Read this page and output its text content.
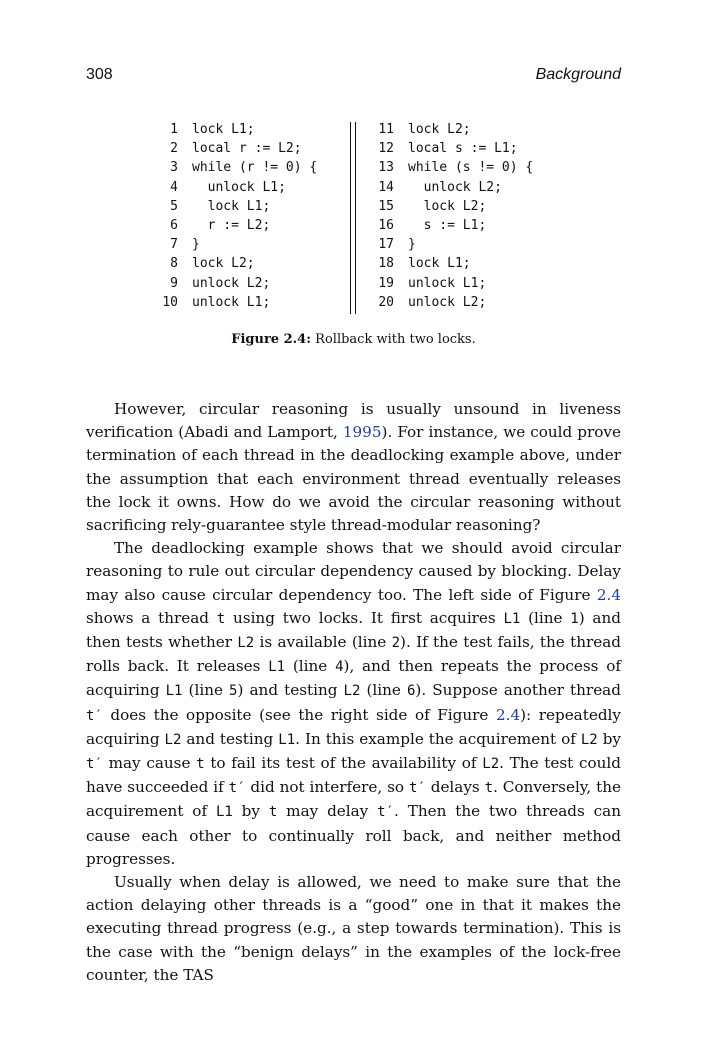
308	Background
1 lock L1;
2 local r := L2;
3 while (r != 0) {
4  unlock L1;
5  lock L1;
6  r := L2;
7 }
8 lock L2;
9 unlock L2;
10 unlock L1;
11 lock L2;
12 local s := L1;
13 while (s != 0) {
14  unlock L2;
15  lock L2;
16  s := L1;
17 }
18 lock L1;
19 unlock L1;
20 unlock L2;
Figure 2.4: Rollback with two locks.

However, circular reasoning is usually unsound in liveness verification (Abadi and Lamport, 1995). For instance, we could prove termination of each thread in the deadlocking example above, under the assumption that each environment thread eventually releases the lock it owns. How do we avoid the circular reasoning without sacrificing rely-guarantee style thread-modular reasoning?

The deadlocking example shows that we should avoid circular reasoning to rule out circular dependency caused by blocking. Delay may also cause circular dependency too. The left side of Figure 2.4 shows a thread t using two locks. It first acquires L1 (line 1) and then tests whether L2 is available (line 2). If the test fails, the thread rolls back. It releases L1 (line 4), and then repeats the process of acquiring L1 (line 5) and testing L2 (line 6). Suppose another thread t′ does the opposite (see the right side of Figure 2.4): repeatedly acquiring L2 and testing L1. In this example the acquirement of L2 by t′ may cause t to fail its test of the availability of L2. The test could have succeeded if t′ did not interfere, so t′ delays t. Conversely, the acquirement of L1 by t may delay t′. Then the two threads can cause each other to continually roll back, and neither method progresses.

Usually when delay is allowed, we need to make sure that the action delaying other threads is a “good” one in that it makes the executing thread progress (e.g., a step towards termination). This is the case with the “benign delays” in the examples of the lock-free counter, the TAS
